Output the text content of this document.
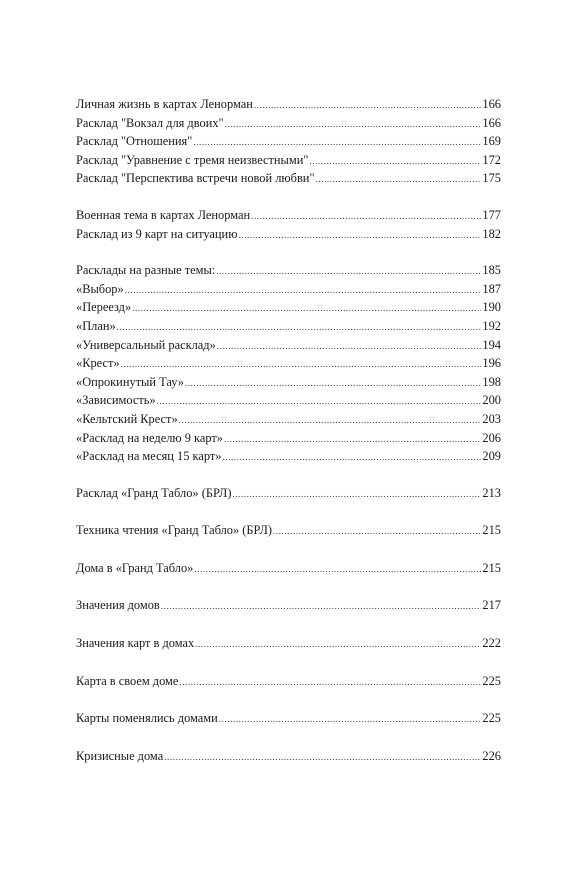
Личная жизнь в картах Ленорман .....	166
Расклад "Вокзал для двоих" .....	166
Расклад "Отношения" .....	169
Расклад "Уравнение с тремя неизвестными" .....	172
Расклад "Перспектива встречи новой любви" .....	175
Военная тема в картах Ленорман .....	177
Расклад из 9 карт на ситуацию .....	182
Расклады на разные темы: .....	185
«Выбор» .....	187
«Переезд» .....	190
«План» .....	192
«Универсальный расклад» .....	194
«Крест» .....	196
«Опрокинутый Тау» .....	198
«Зависимость» .....	200
«Кельтский Крест» .....	203
«Расклад на неделю 9 карт» .....	206
«Расклад на месяц 15 карт» .....	209
Расклад «Гранд Табло» (БРЛ) .....	213
Техника чтения «Гранд Табло» (БРЛ) .....	215
Дома в «Гранд Табло» .....	215
Значения домов .....	217
Значения карт в домах .....	222
Карта в своем доме .....	225
Карты поменялись домами .....	225
Кризисные дома .....	226
